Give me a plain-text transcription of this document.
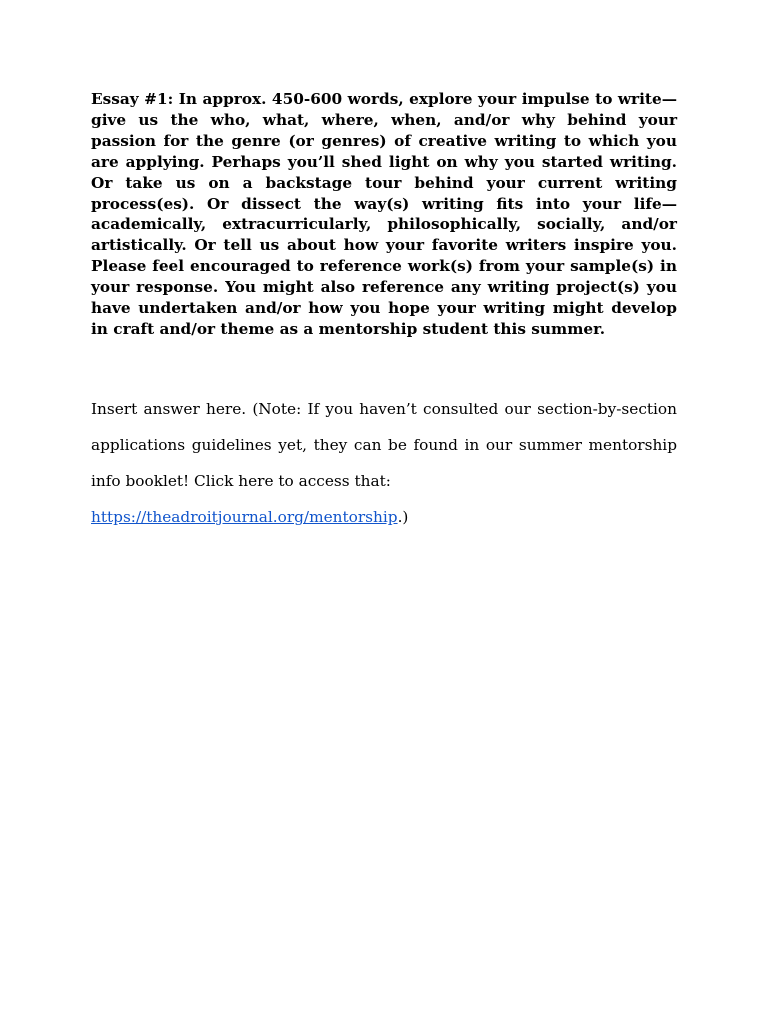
Essay #1: In approx. 450-600 words, explore your impulse to write—give us the who, what, where, when, and/or why behind your passion for the genre (or genres) of creative writing to which you are applying. Perhaps you’ll shed light on why you started writing. Or take us on a backstage tour behind your current writing process(es). Or dissect the way(s) writing fits into your life—academically, extracurricularly, philosophically, socially, and/or artistically. Or tell us about how your favorite writers inspire you. Please feel encouraged to reference work(s) from your sample(s) in your response. You might also reference any writing project(s) you have undertaken and/or how you hope your writing might develop in craft and/or theme as a mentorship student this summer.

Insert answer here. (Note: If you haven’t consulted our section-by-section applications guidelines yet, they can be found in our summer mentorship info booklet! Click here to access that:
https://theadroitjournal.org/mentorship.)
